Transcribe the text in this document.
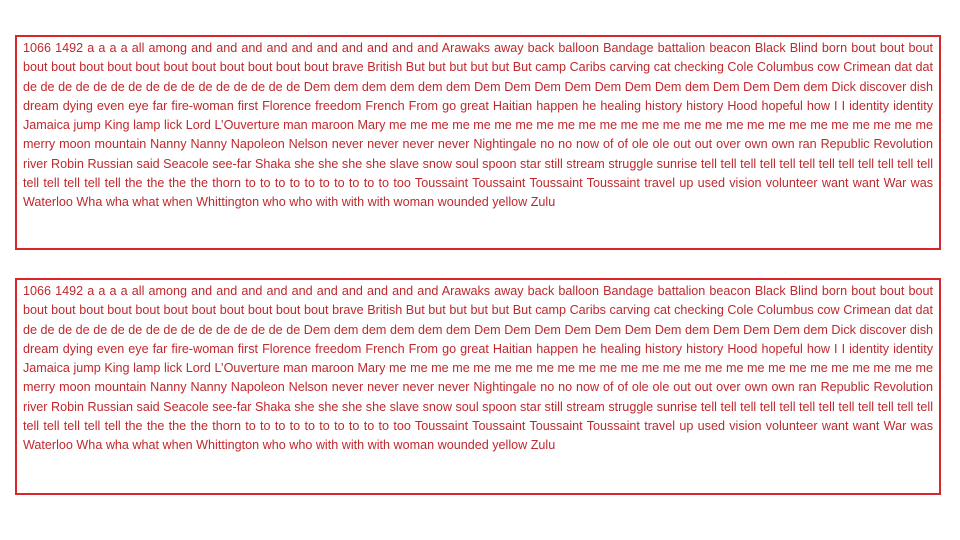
1066 1492 a a a a all among and and and and and and and and and and Arawaks away back balloon Bandage battalion beacon Black Blind born bout bout bout bout bout bout bout bout bout bout bout bout bout bout brave British But but but but but But camp Caribs carving cat checking Cole Columbus cow Crimean dat dat de de de de de de de de de de de de de de de de Dem dem dem dem dem dem Dem Dem Dem Dem Dem Dem Dem dem Dem Dem Dem dem Dick discover dish dream dying even eye far fire-woman first Florence freedom French From go great Haitian happen he healing history history Hood hopeful how I I identity identity Jamaica jump King lamp lick Lord L’Ouverture man maroon Mary me me me me me me me me me me me me me me me me me me me me me me me me me me merry moon mountain Nanny Nanny Napoleon Nelson never never never never Nightingale no no now of of ole ole out out over own own ran Republic Revolution river Robin Russian said Seacole see-far Shaka she she she she slave snow soul spoon star still stream struggle sunrise tell tell tell tell tell tell tell tell tell tell tell tell tell tell tell tell tell the the the the thorn to to to to to to to to to to too Toussaint Toussaint Toussaint Toussaint travel up used vision volunteer want want War was Waterloo Wha wha what when Whittington who who with with with woman wounded yellow Zulu
1066 1492 a a a a all among and and and and and and and and and and Arawaks away back balloon Bandage battalion beacon Black Blind born bout bout bout bout bout bout bout bout bout bout bout bout bout bout brave British But but but but but But camp Caribs carving cat checking Cole Columbus cow Crimean dat dat de de de de de de de de de de de de de de de de Dem dem dem dem dem dem Dem Dem Dem Dem Dem Dem Dem dem Dem Dem Dem dem Dick discover dish dream dying even eye far fire-woman first Florence freedom French From go great Haitian happen he healing history history Hood hopeful how I I identity identity Jamaica jump King lamp lick Lord L’Ouverture man maroon Mary me me me me me me me me me me me me me me me me me me me me me me me me me me merry moon mountain Nanny Nanny Napoleon Nelson never never never never Nightingale no no now of of ole ole out out over own own ran Republic Revolution river Robin Russian said Seacole see-far Shaka she she she she slave snow soul spoon star still stream struggle sunrise tell tell tell tell tell tell tell tell tell tell tell tell tell tell tell tell tell the the the the thorn to to to to to to to to to to too Toussaint Toussaint Toussaint Toussaint travel up used vision volunteer want want War was Waterloo Wha wha what when Whittington who who with with with woman wounded yellow Zulu
